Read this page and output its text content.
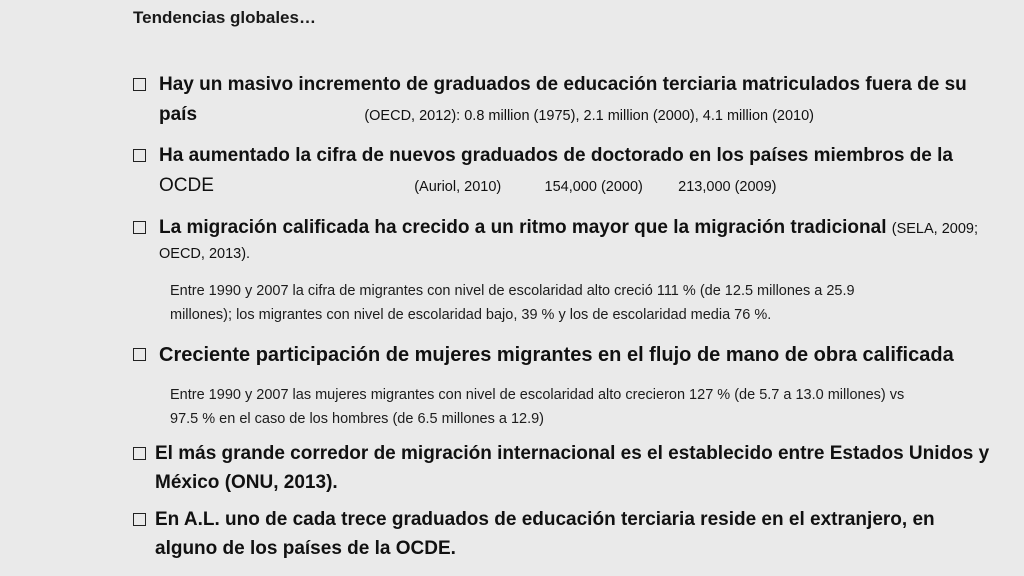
Tendencias globales…
Hay un masivo incremento de graduados de educación terciaria matriculados fuera de su
país	(OECD, 2012): 0.8 million (1975), 2.1 million (2000), 4.1 million (2010)
Ha aumentado la cifra de nuevos graduados de doctorado en los países miembros de la
OCDE	(Auriol, 2010)	154,000 (2000) 213,000 (2009)
La migración calificada ha crecido a un ritmo mayor que la migración tradicional (SELA, 2009;
OECD, 2013).
Entre 1990 y 2007 la cifra de migrantes con nivel de escolaridad alto creció 111 % (de 12.5 millones a 25.9
millones); los migrantes con nivel de escolaridad bajo, 39 % y los de escolaridad media 76 %.
Creciente participación de mujeres migrantes en el flujo de mano de obra calificada
Entre 1990 y 2007 las mujeres migrantes con nivel de escolaridad alto crecieron 127 % (de 5.7 a 13.0 millones) vs
97.5 % en el caso de los hombres (de 6.5 millones a 12.9)
El más grande corredor de migración internacional es el establecido entre Estados Unidos y
México (ONU, 2013).
En A.L. uno de cada trece graduados de educación terciaria reside en el extranjero, en
alguno de los países de la OCDE.
